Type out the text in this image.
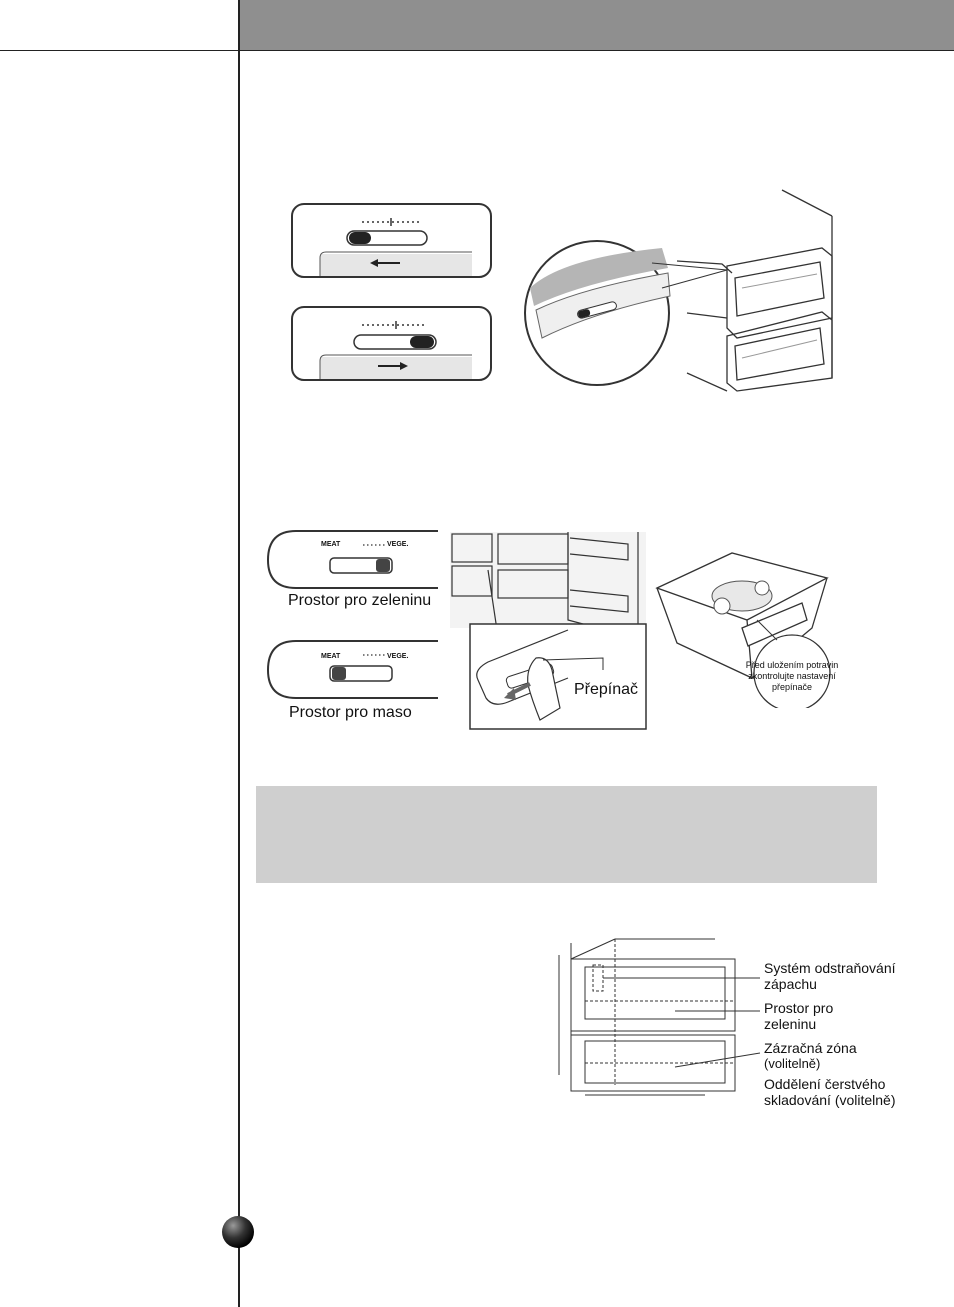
MEAT	VEGE.
Prostor pro zeleninu
MEAT	VEGE.
Prostor pro maso
Přepínač
Před uložením potravin zkontrolujte nastavení přepínače
Systém odstraňování zápachu
Prostor pro zeleninu
Zázračná zóna
(volitelně)
Oddělení čerstvého skladování (volitelně)
